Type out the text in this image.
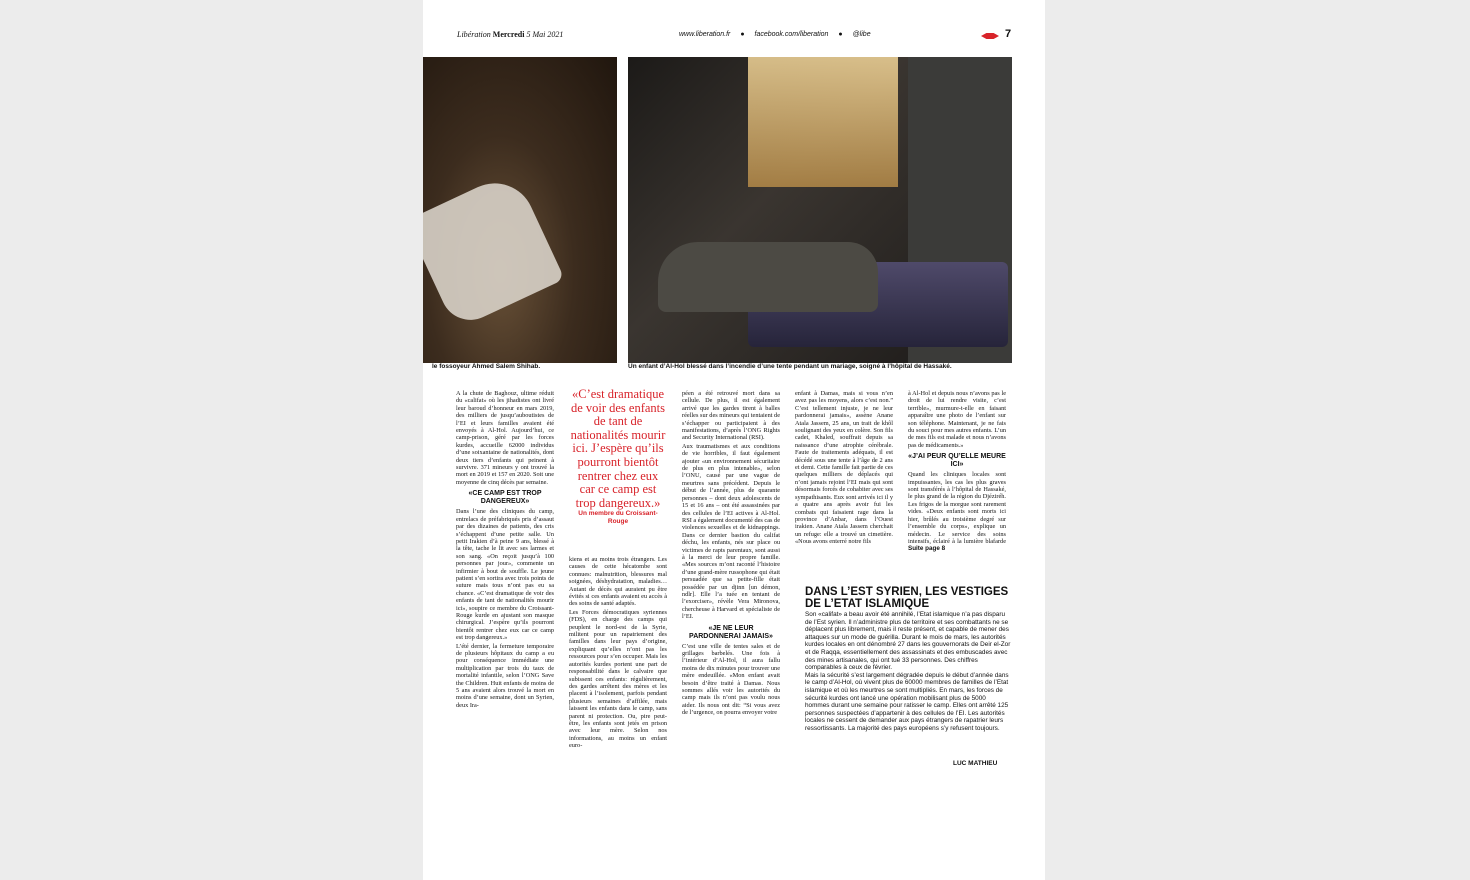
Libération Mercredi 5 Mai 2021	www.liberation.fr ● facebook.com/liberation ● @libe	7
le fossoyeur Ahmed Salem Shihab.	Un enfant d’Al-Hol blessé dans l’incendie d’une tente pendant un mariage, soigné à l’hôpital de Hassaké.

A la chute de Baghouz, ultime réduit du «califat» où les jihadistes ont livré leur baroud d’honneur en mars 2019, des milliers de jusqu’auboutistes de l’EI et leurs familles avaient été envoyés à Al-Hol. Aujourd’hui, ce camp-prison, géré par les forces kurdes, accueille 62000 individus d’une soixantaine de nationalités, dont deux tiers d’enfants qui peinent à survivre. 371 mineurs y ont trouvé la mort en 2019 et 157 en 2020. Soit une moyenne de cinq décès par semaine.

«CE CAMP EST TROP DANGEREUX»

Dans l’une des cliniques du camp, entrelacs de préfabriqués pris d’assaut par des dizaines de patients, des cris s’échappent d’une petite salle. Un petit Irakien d’à peine 9 ans, blessé à la tête, tache le lit avec ses larmes et son sang. «On reçoit jusqu’à 100 personnes par jour», commente un infirmier à bout de souffle. Le jeune patient s’en sortira avec trois points de suture mais tous n’ont pas eu sa chance. «C’est dramatique de voir des enfants de tant de nationalités mourir ici», soupire ce membre du Croissant-Rouge kurde en ajustant son masque chirurgical. J’espère qu’ils pourront bientôt rentrer chez eux car ce camp est trop dangereux.»

L’été dernier, la fermeture temporaire de plusieurs hôpitaux du camp a eu pour conséquence immédiate une multiplication par trois du taux de mortalité infantile, selon l’ONG Save the Children. Huit enfants de moins de 5 ans avaient alors trouvé la mort en moins d’une semaine, dont un Syrien, deux Ira-

«C’est dramatique de voir des enfants de tant de nationalités mourir ici. J’espère qu’ils pourront bientôt rentrer chez eux car ce camp est trop dangereux.»
Un membre du Croissant-Rouge

kiens et au moins trois étrangers. Les causes de cette hécatombe sont connues: malnutrition, blessures mal soignées, déshydratation, maladies… Autant de décès qui auraient pu être évités si ces enfants avaient eu accès à des soins de santé adaptés.

Les Forces démocratiques syriennes (FDS), en charge des camps qui peuplent le nord-est de la Syrie, militent pour un rapatriement des familles dans leur pays d’origine, expliquant qu’elles n’ont pas les ressources pour s’en occuper. Mais les autorités kurdes portent une part de responsabilité dans le calvaire que subissent ces enfants: régulièrement, des gardes arrêtent des mères et les placent à l’isolement, parfois pendant plusieurs semaines d’affilée, mais laissent les enfants dans le camp, sans parent ni protection. Ou, pire peut-être, les enfants sont jetés en prison avec leur mère. Selon nos informations, au moins un enfant euro-

péen a été retrouvé mort dans sa cellule. De plus, il est également arrivé que les gardes tirent à balles réelles sur des mineurs qui tentaient de s’échapper ou participaient à des manifestations, d’après l’ONG Rights and Security International (RSI).

Aux traumatismes et aux conditions de vie horribles, il faut également ajouter «un environnement sécuritaire de plus en plus intenable», selon l’ONU, causé par une vague de meurtres sans précédent. Depuis le début de l’année, plus de quarante personnes – dont deux adolescents de 15 et 16 ans – ont été assassinées par des cellules de l’EI actives à Al-Hol. RSI a également documenté des cas de violences sexuelles et de kidnappings. Dans ce dernier bastion du califat déchu, les enfants, nés sur place ou victimes de rapts parentaux, sont aussi à la merci de leur propre famille. «Mes sources m’ont raconté l’histoire d’une grand-mère russophone qui était persuadée que sa petite-fille était possédée par un djinn [un démon, ndlr]. Elle l’a tuée en tentant de l’exorciser», révèle Vera Mironova, chercheuse à Harvard et spécialiste de l’EI.

«JE NE LEUR PARDONNERAI JAMAIS»

C’est une ville de tentes sales et de grillages barbelés. Une fois à l’intérieur d’Al-Hol, il aura fallu moins de dix minutes pour trouver une mère endeuillée. «Mon enfant avait besoin d’être traité à Damas. Nous sommes allés voir les autorités du camp mais ils n’ont pas voulu nous aider. Ils nous ont dit: “Si vous avez de l’urgence, on pourra envoyer votre

enfant à Damas, mais si vous n’en avez pas les moyens, alors c’est non.” C’est tellement injuste, je ne leur pardonnerai jamais», assène Anane Atala Jassem, 25 ans, un trait de khôl soulignant des yeux en colère. Son fils cadet, Khaled, souffrait depuis sa naissance d’une atrophie cérébrale. Faute de traitements adéquats, il est décédé sous une tente à l’âge de 2 ans et demi. Cette famille fait partie de ces quelques milliers de déplacés qui n’ont jamais rejoint l’EI mais qui sont désormais forcés de cohabiter avec ses sympathisants. Eux sont arrivés ici il y a quatre ans après avoir fui les combats qui faisaient rage dans la province d’Anbar, dans l’Ouest irakien. Anane Atala Jassem cherchait un refuge: elle a trouvé un cimetière. «Nous avons enterré notre fils

à Al-Hol et depuis nous n’avons pas le droit de lui rendre visite, c’est terrible», murmure-t-elle en faisant apparaître une photo de l’enfant sur son téléphone. Maintenant, je ne fais du souci pour mes autres enfants. L’un de mes fils est malade et nous n’avons pas de médicaments.»

«J’AI PEUR QU’ELLE MEURE ICI»

Quand les cliniques locales sont impuissantes, les cas les plus graves sont transférés à l’hôpital de Hassaké, le plus grand de la région du Djéziréh. Les frigos de la morgue sont rarement vides. «Deux enfants sont morts ici hier, brûlés au troisième degré sur l’ensemble du corps», explique un médecin. Le service des soins intensifs, éclairé à la lumière blafarde Suite page 8

DANS L’EST SYRIEN, LES VESTIGES DE L’ETAT ISLAMIQUE

Son «califat» a beau avoir été annihilé, l’Etat islamique n’a pas disparu de l’Est syrien. Il n’administre plus de territoire et ses combattants ne se déplacent plus librement, mais il reste présent, et capable de mener des attaques sur un mode de guérilla. Durant le mois de mars, les autorités kurdes locales en ont dénombré 27 dans les gouvernorats de Deir el-Zor et de Raqqa, essentiellement des assassinats et des embuscades avec des mines artisanales, qui ont tué 33 personnes. Des chiffres comparables à ceux de février.

Mais la sécurité s’est largement dégradée depuis le début d’année dans le camp d’Al-Hol, où vivent plus de 60000 membres de familles de l’Etat islamique et où les meurtres se sont multipliés. En mars, les forces de sécurité kurdes ont lancé une opération mobilisant plus de 5000 hommes durant une semaine pour ratisser le camp. Elles ont arrêté 125 personnes suspectées d’appartenir à des cellules de l’EI. Les autorités locales ne cessent de demander aux pays étrangers de rapatrier leurs ressortissants. La majorité des pays européens s’y refusent toujours.

LUC MATHIEU
